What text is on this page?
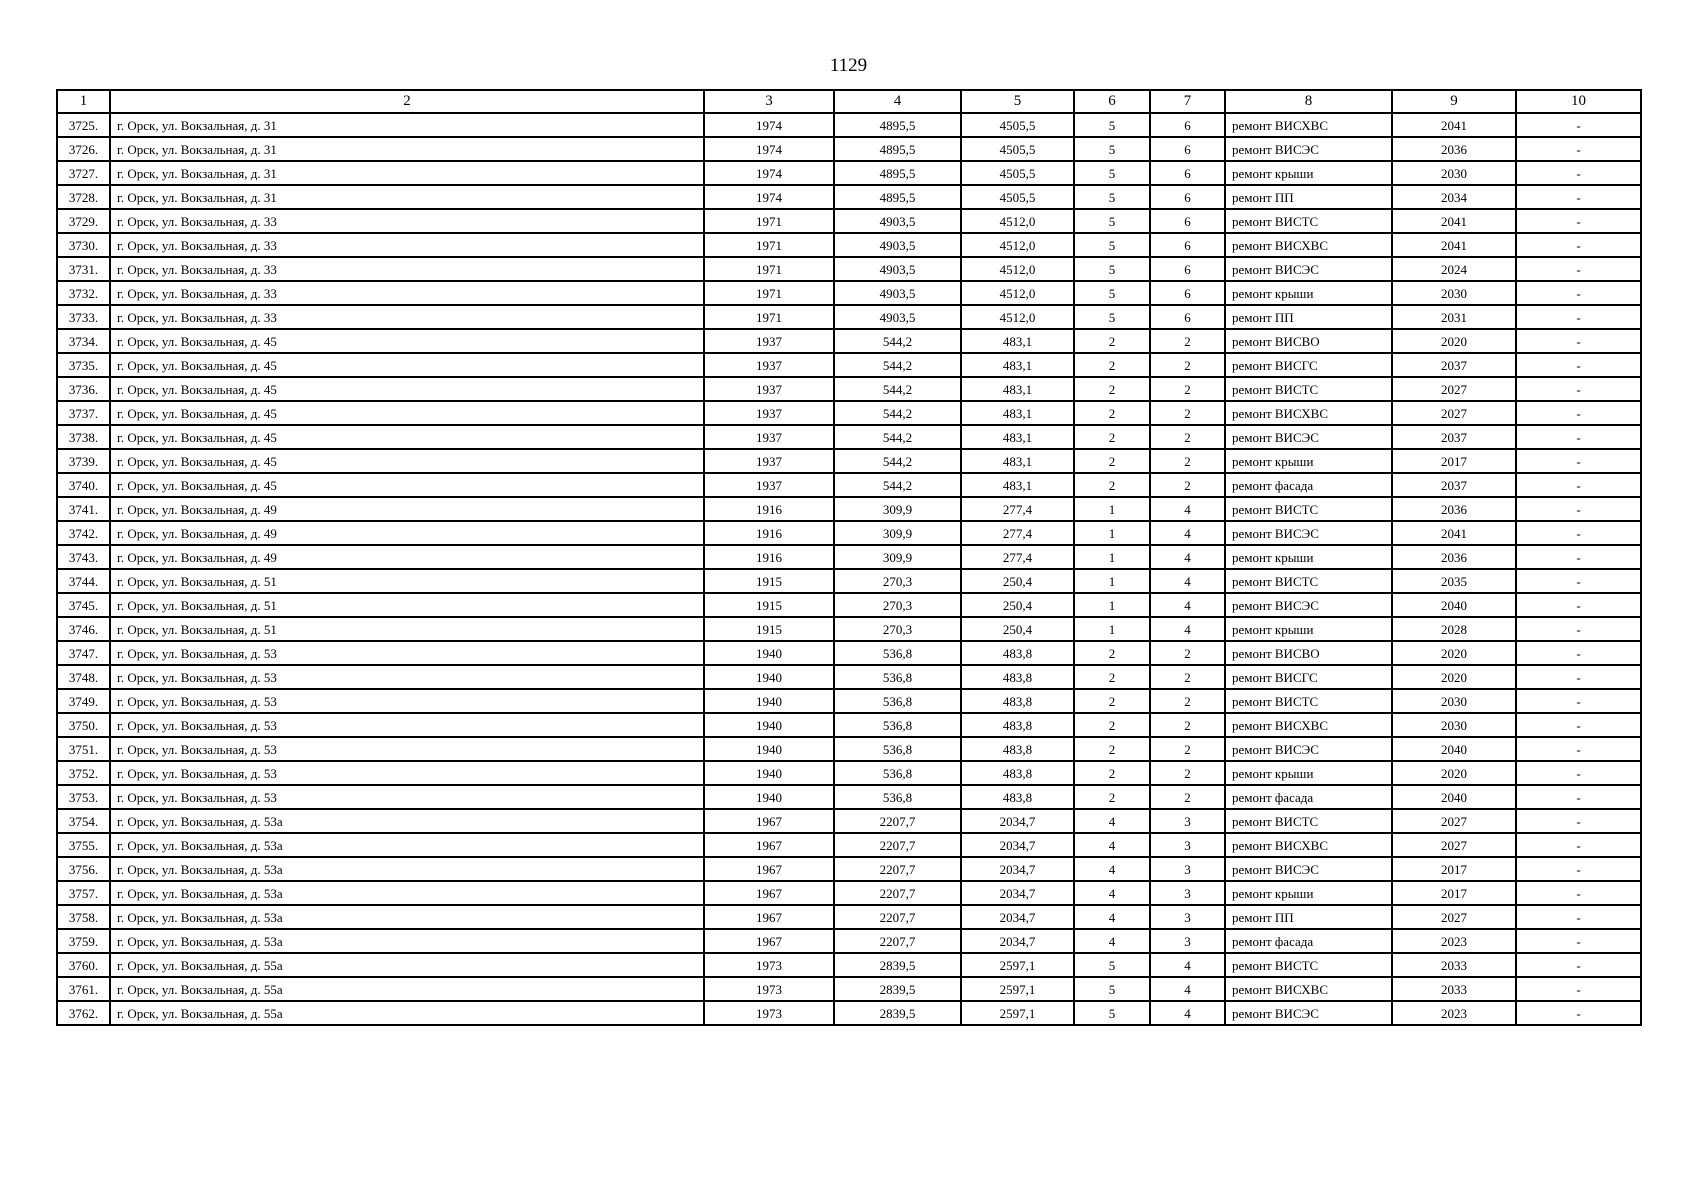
1129
1	2	3	4	5	6	7	8	9	10
3725.	г. Орск, ул. Вокзальная, д. 31	1974	4895,5	4505,5	5	6	ремонт ВИСХВС	2041	-
3726.	г. Орск, ул. Вокзальная, д. 31	1974	4895,5	4505,5	5	6	ремонт ВИСЭС	2036	-
3727.	г. Орск, ул. Вокзальная, д. 31	1974	4895,5	4505,5	5	6	ремонт крыши	2030	-
3728.	г. Орск, ул. Вокзальная, д. 31	1974	4895,5	4505,5	5	6	ремонт ПП	2034	-
3729.	г. Орск, ул. Вокзальная, д. 33	1971	4903,5	4512,0	5	6	ремонт ВИСТС	2041	-
3730.	г. Орск, ул. Вокзальная, д. 33	1971	4903,5	4512,0	5	6	ремонт ВИСХВС	2041	-
3731.	г. Орск, ул. Вокзальная, д. 33	1971	4903,5	4512,0	5	6	ремонт ВИСЭС	2024	-
3732.	г. Орск, ул. Вокзальная, д. 33	1971	4903,5	4512,0	5	6	ремонт крыши	2030	-
3733.	г. Орск, ул. Вокзальная, д. 33	1971	4903,5	4512,0	5	6	ремонт ПП	2031	-
3734.	г. Орск, ул. Вокзальная, д. 45	1937	544,2	483,1	2	2	ремонт ВИСВО	2020	-
3735.	г. Орск, ул. Вокзальная, д. 45	1937	544,2	483,1	2	2	ремонт ВИСГС	2037	-
3736.	г. Орск, ул. Вокзальная, д. 45	1937	544,2	483,1	2	2	ремонт ВИСТС	2027	-
3737.	г. Орск, ул. Вокзальная, д. 45	1937	544,2	483,1	2	2	ремонт ВИСХВС	2027	-
3738.	г. Орск, ул. Вокзальная, д. 45	1937	544,2	483,1	2	2	ремонт ВИСЭС	2037	-
3739.	г. Орск, ул. Вокзальная, д. 45	1937	544,2	483,1	2	2	ремонт крыши	2017	-
3740.	г. Орск, ул. Вокзальная, д. 45	1937	544,2	483,1	2	2	ремонт фасада	2037	-
3741.	г. Орск, ул. Вокзальная, д. 49	1916	309,9	277,4	1	4	ремонт ВИСТС	2036	-
3742.	г. Орск, ул. Вокзальная, д. 49	1916	309,9	277,4	1	4	ремонт ВИСЭС	2041	-
3743.	г. Орск, ул. Вокзальная, д. 49	1916	309,9	277,4	1	4	ремонт крыши	2036	-
3744.	г. Орск, ул. Вокзальная, д. 51	1915	270,3	250,4	1	4	ремонт ВИСТС	2035	-
3745.	г. Орск, ул. Вокзальная, д. 51	1915	270,3	250,4	1	4	ремонт ВИСЭС	2040	-
3746.	г. Орск, ул. Вокзальная, д. 51	1915	270,3	250,4	1	4	ремонт крыши	2028	-
3747.	г. Орск, ул. Вокзальная, д. 53	1940	536,8	483,8	2	2	ремонт ВИСВО	2020	-
3748.	г. Орск, ул. Вокзальная, д. 53	1940	536,8	483,8	2	2	ремонт ВИСГС	2020	-
3749.	г. Орск, ул. Вокзальная, д. 53	1940	536,8	483,8	2	2	ремонт ВИСТС	2030	-
3750.	г. Орск, ул. Вокзальная, д. 53	1940	536,8	483,8	2	2	ремонт ВИСХВС	2030	-
3751.	г. Орск, ул. Вокзальная, д. 53	1940	536,8	483,8	2	2	ремонт ВИСЭС	2040	-
3752.	г. Орск, ул. Вокзальная, д. 53	1940	536,8	483,8	2	2	ремонт крыши	2020	-
3753.	г. Орск, ул. Вокзальная, д. 53	1940	536,8	483,8	2	2	ремонт фасада	2040	-
3754.	г. Орск, ул. Вокзальная, д. 53а	1967	2207,7	2034,7	4	3	ремонт ВИСТС	2027	-
3755.	г. Орск, ул. Вокзальная, д. 53а	1967	2207,7	2034,7	4	3	ремонт ВИСХВС	2027	-
3756.	г. Орск, ул. Вокзальная, д. 53а	1967	2207,7	2034,7	4	3	ремонт ВИСЭС	2017	-
3757.	г. Орск, ул. Вокзальная, д. 53а	1967	2207,7	2034,7	4	3	ремонт крыши	2017	-
3758.	г. Орск, ул. Вокзальная, д. 53а	1967	2207,7	2034,7	4	3	ремонт ПП	2027	-
3759.	г. Орск, ул. Вокзальная, д. 53а	1967	2207,7	2034,7	4	3	ремонт фасада	2023	-
3760.	г. Орск, ул. Вокзальная, д. 55а	1973	2839,5	2597,1	5	4	ремонт ВИСТС	2033	-
3761.	г. Орск, ул. Вокзальная, д. 55а	1973	2839,5	2597,1	5	4	ремонт ВИСХВС	2033	-
3762.	г. Орск, ул. Вокзальная, д. 55а	1973	2839,5	2597,1	5	4	ремонт ВИСЭС	2023	-
